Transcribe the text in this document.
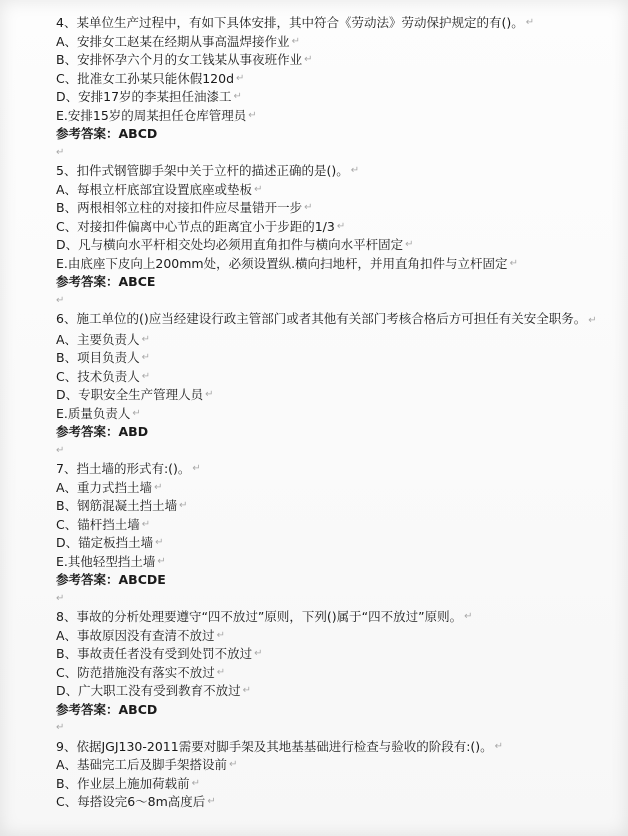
4、某单位生产过程中，有如下具体安排，其中符合《劳动法》劳动保护规定的有()。 ↵
A、安排女工赵某在经期从事高温焊接作业 ↵
B、安排怀孕六个月的女工钱某从事夜班作业 ↵
C、批准女工孙某只能休假120d ↵
D、安排17岁的李某担任油漆工 ↵
E.安排15岁的周某担任仓库管理员 ↵
参考答案：ABCD
↵
5、扣件式钢管脚手架中关于立杆的描述正确的是()。 ↵
A、每根立杆底部宜设置底座或垫板 ↵
B、两根相邻立柱的对接扣件应尽量错开一步 ↵
C、对接扣件偏离中心节点的距离宜小于步距的1/3 ↵
D、凡与横向水平杆相交处均必须用直角扣件与横向水平杆固定 ↵
E.由底座下皮向上200mm处，必须设置纵.横向扫地杆，并用直角扣件与立杆固定 ↵
参考答案：ABCE
↵
6、施工单位的()应当经建设行政主管部门或者其他有关部门考核合格后方可担任有关安全职务。 ↵
A、主要负责人 ↵
B、项目负责人 ↵
C、技术负责人 ↵
D、专职安全生产管理人员 ↵
E.质量负责人 ↵
参考答案：ABD
↵
7、挡土墙的形式有:()。 ↵
A、重力式挡土墙 ↵
B、钢筋混凝土挡土墙 ↵
C、锚杆挡土墙 ↵
D、锚定板挡土墙 ↵
E.其他轻型挡土墙 ↵
参考答案：ABCDE
↵
8、事故的分析处理要遵守“四不放过”原则，下列()属于“四不放过”原则。 ↵
A、事故原因没有查清不放过 ↵
B、事故责任者没有受到处罚不放过 ↵
C、防范措施没有落实不放过 ↵
D、广大职工没有受到教育不放过 ↵
参考答案：ABCD
↵
9、依据JGJ130-2011需要对脚手架及其地基基础进行检查与验收的阶段有:()。 ↵
A、基础完工后及脚手架搭设前 ↵
B、作业层上施加荷载前 ↵
C、每搭设完6～8m高度后 ↵
